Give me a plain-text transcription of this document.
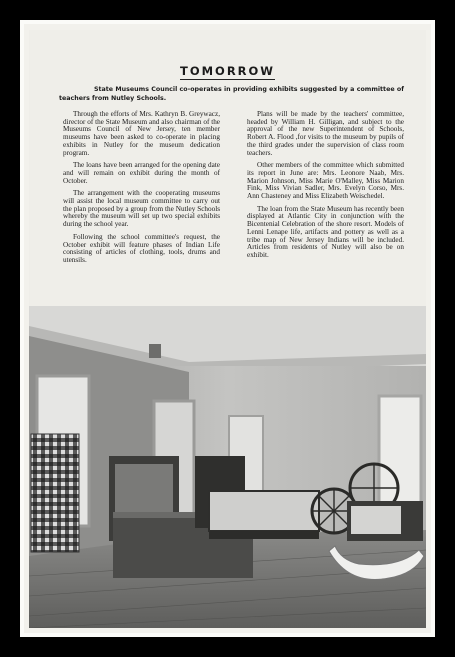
TOMORROW
State Museums Council co-operates in providing exhibits suggested by a committee of teachers from Nutley Schools.

Through the efforts of Mrs. Kathryn B. Greywacz, director of the State Museum and also chairman of the Museums Council of New Jersey, ten member museums have been asked to co-operate in placing exhibits in Nutley for the museum dedication program.

The loans have been arranged for the opening date and will remain on exhibit during the month of October.

The arrangement with the cooperating museums will assist the local museum committee to carry out the plan proposed by a group from the Nutley Schools whereby the museum will set up two special exhibits during the school year.

Following the school committee's request, the October exhibit will feature phases of Indian Life consisting of articles of clothing, tools, drums and utensils.

Plans will be made by the teachers' committee, headed by William H. Gilligan, and subject to the approval of the new Superintendent of Schools, Robert A. Flood ,for visits to the museum by pupils of the third grades under the supervision of class room teachers.

Other members of the committee which submitted its report in June are: Mrs. Leonore Naab, Mrs. Marion Johnson, Miss Marie O'Malley, Miss Marion Fink, Miss Vivian Sadler, Mrs. Evelyn Corso, Mrs. Ann Chasteney and Miss Elizabeth Weischedel.

The loan from the State Museum has recently been displayed at Atlantic City in conjunction with the Bicentenial Celebration of the shore resort. Models of Lenni Lenape life, artifacts and pottery as well as a tribe map of New Jersey Indians will be included. Articles from residents of Nutley will also be on exhibit.
